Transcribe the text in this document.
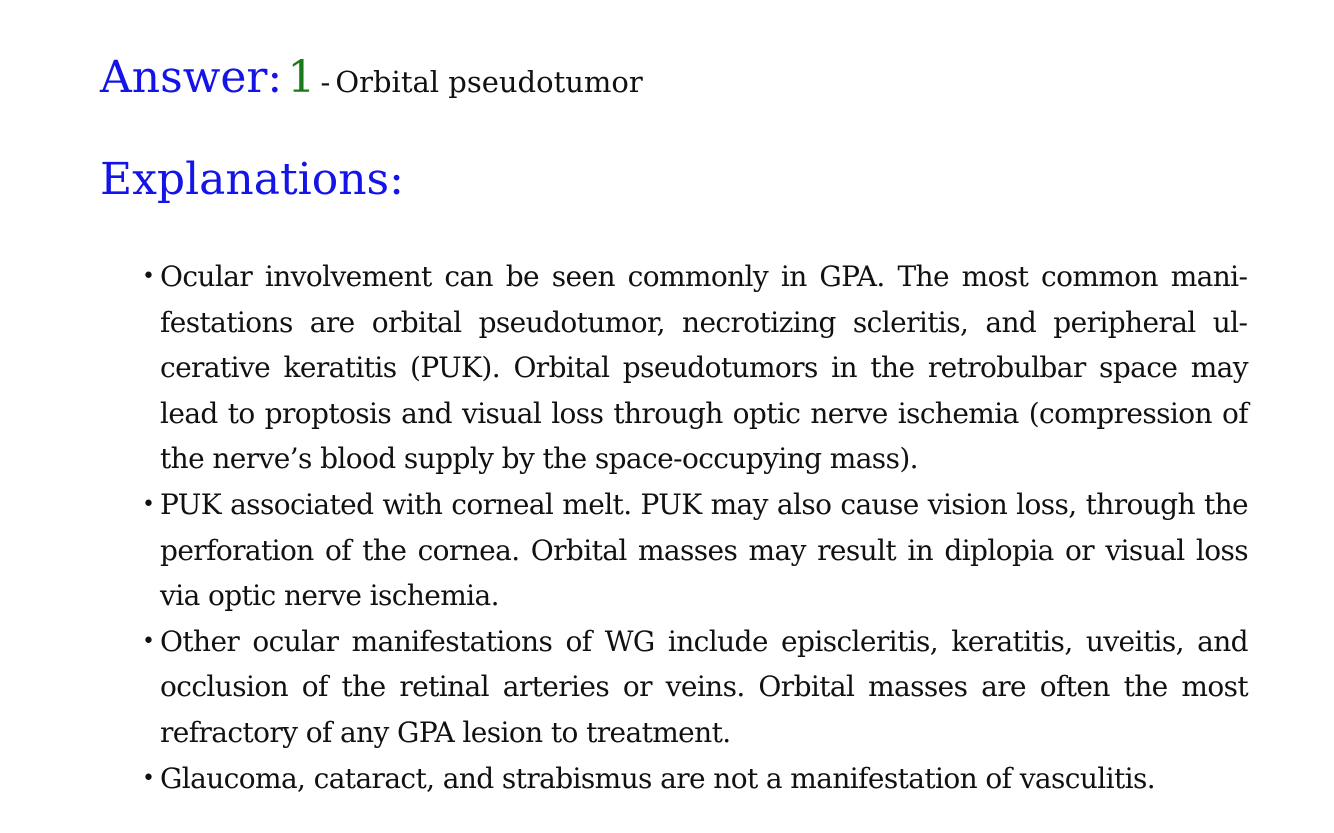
Answer: 1 - Orbital pseudotumor
Explanations:
• Ocular involvement can be seen commonly in GPA. The most common manifestations are orbital pseudotumor, necrotizing scleritis, and peripheral ulcerative keratitis (PUK). Orbital pseudotumors in the retrobulbar space may lead to proptosis and visual loss through optic nerve ischemia (compression of the nerve’s blood supply by the space-occupying mass).
• PUK associated with corneal melt. PUK may also cause vision loss, through the perforation of the cornea. Orbital masses may result in diplopia or visual loss via optic nerve ischemia.
• Other ocular manifestations of WG include episcleritis, keratitis, uveitis, and occlusion of the retinal arteries or veins. Orbital masses are often the most refractory of any GPA lesion to treatment.
• Glaucoma, cataract, and strabismus are not a manifestation of vasculitis.
